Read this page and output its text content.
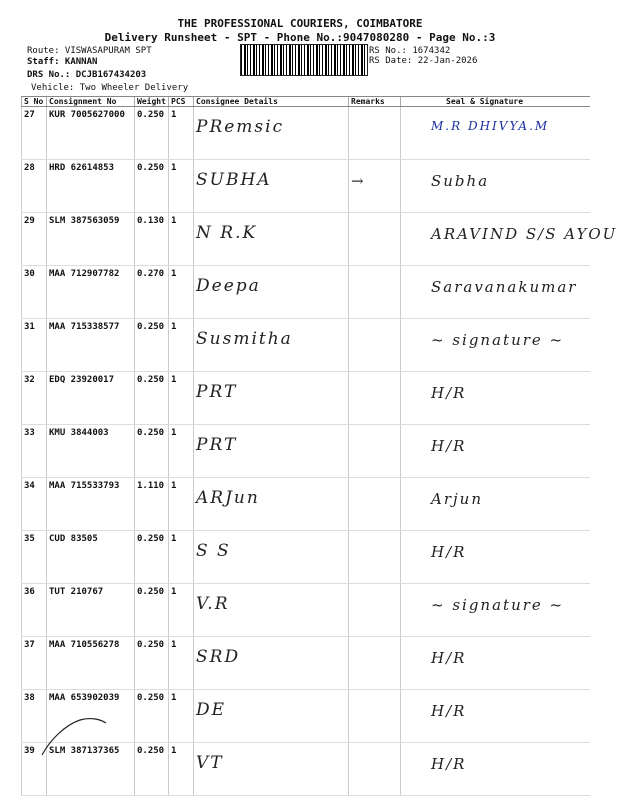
THE PROFESSIONAL COURIERS, COIMBATORE
Delivery Runsheet - SPT - Phone No.:9047080280 - Page No.:3
Route: VISWASAPURAM SPT
Staff: KANNAN
DRS No.: DCJB167434203
Vehicle: Two Wheeler Delivery
RS No.: 1674342
RS Date: 22-Jan-2026
S No	Consignment No	Weight	PCS	Consignee Details	Remarks	Seal & Signature
27	KUR 7005627000	0.250	1	PRemsic		M.R DHIVYA.M
28	HRD 62614853	0.250	1	SUBHA	→	Subha
29	SLM 387563059	0.130	1	N R.K		ARAVIND S/S AYOU
30	MAA 712907782	0.270	1	Deepa		Saravanakumar
31	MAA 715338577	0.250	1	Susmitha		~ signature ~
32	EDQ 23920017	0.250	1	PRT		H/R
33	KMU 3844003	0.250	1	PRT		H/R
34	MAA 715533793	1.110	1	ARJun		Arjun
35	CUD 83505	0.250	1	S S		H/R
36	TUT 210767	0.250	1	V.R		~ signature ~
37	MAA 710556278	0.250	1	SRD		H/R
38	MAA 653902039	0.250	1	DE		H/R
39	SLM 387137365	0.250	1	VT		H/R
